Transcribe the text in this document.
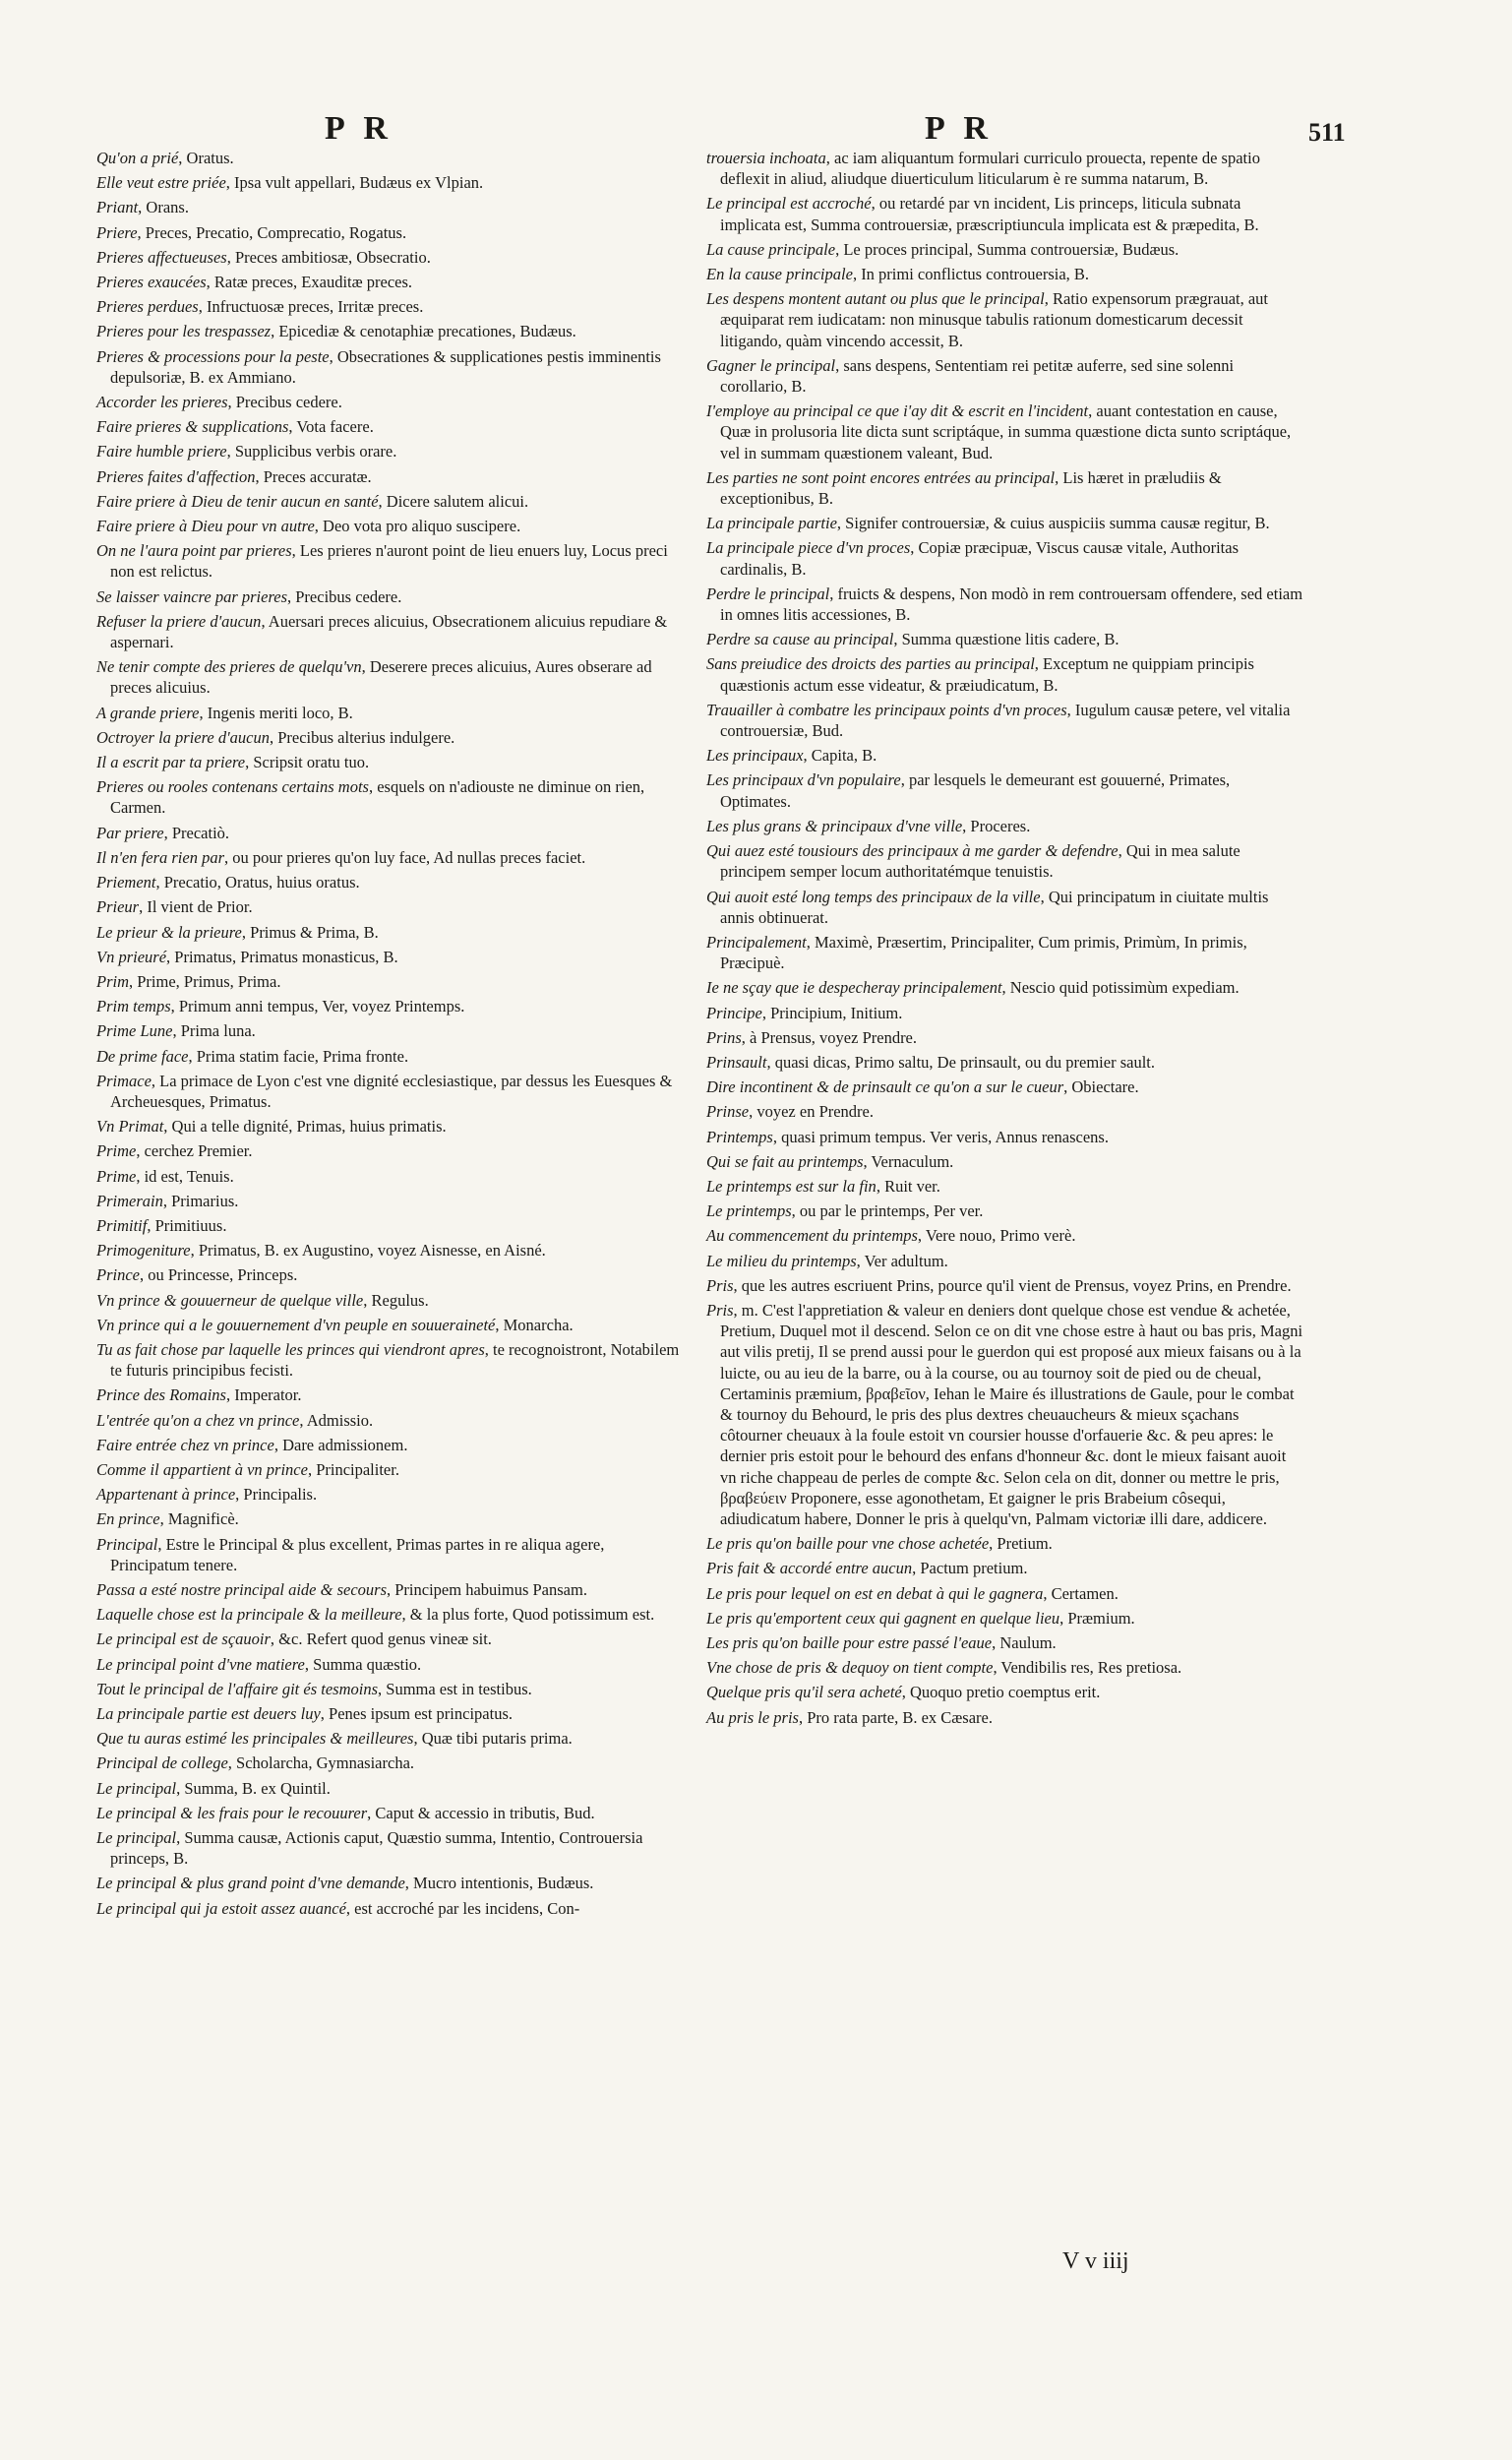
P R	P R	511

Qu'on a prié, Oratus.

Elle veut estre priée, Ipsa vult appellari, Budæus ex Vlpian.

Priant, Orans.

Priere, Preces, Precatio, Comprecatio, Rogatus.

Prieres affectueuses, Preces ambitiosæ, Obsecratio.

Prieres exaucées, Ratæ preces, Exauditæ preces.

Prieres perdues, Infructuosæ preces, Irritæ preces.

Prieres pour les trespassez, Epicediæ & cenotaphiæ precationes, Budæus.

Prieres & processions pour la peste, Obsecrationes & supplicationes pestis imminentis depulsoriæ, B. ex Ammiano.

Accorder les prieres, Precibus cedere.

Faire prieres & supplications, Vota facere.

Faire humble priere, Supplicibus verbis orare.

Prieres faites d'affection, Preces accuratæ.

Faire priere à Dieu de tenir aucun en santé, Dicere salutem alicui.

Faire priere à Dieu pour vn autre, Deo vota pro aliquo suscipere.

On ne l'aura point par prieres, Les prieres n'auront point de lieu enuers luy, Locus preci non est relictus.

Se laisser vaincre par prieres, Precibus cedere.

Refuser la priere d'aucun, Auersari preces alicuius, Obsecrationem alicuius repudiare & aspernari.

Ne tenir compte des prieres de quelqu'vn, Deserere preces alicuius, Aures obserare ad preces alicuius.

A grande priere, Ingenis meriti loco, B.

Octroyer la priere d'aucun, Precibus alterius indulgere.

Il a escrit par ta priere, Scripsit oratu tuo.

Prieres ou rooles contenans certains mots, esquels on n'adiouste ne diminue on rien, Carmen.

Par priere, Precatiò.

Il n'en fera rien par, ou pour prieres qu'on luy face, Ad nullas preces faciet.

Priement, Precatio, Oratus, huius oratus.

Prieur, Il vient de Prior.

Le prieur & la prieure, Primus & Prima, B.

Vn prieuré, Primatus, Primatus monasticus, B.

Prim, Prime, Primus, Prima.

Prim temps, Primum anni tempus, Ver, voyez Printemps.

Prime Lune, Prima luna.

De prime face, Prima statim facie, Prima fronte.

Primace, La primace de Lyon c'est vne dignité ecclesiastique, par dessus les Euesques & Archeuesques, Primatus.

Vn Primat, Qui a telle dignité, Primas, huius primatis.

Prime, cerchez Premier.

Prime, id est, Tenuis.

Primerain, Primarius.

Primitif, Primitiuus.

Primogeniture, Primatus, B. ex Augustino, voyez Aisnesse, en Aisné.

Prince, ou Princesse, Princeps.

Vn prince & gouuerneur de quelque ville, Regulus.

Vn prince qui a le gouuernement d'vn peuple en souueraineté, Monarcha.

Tu as fait chose par laquelle les princes qui viendront apres, te recognoistront, Notabilem te futuris principibus fecisti.

Prince des Romains, Imperator.

L'entrée qu'on a chez vn prince, Admissio.

Faire entrée chez vn prince, Dare admissionem.

Comme il appartient à vn prince, Principaliter.

Appartenant à prince, Principalis.

En prince, Magnificè.

Principal, Estre le Principal & plus excellent, Primas partes in re aliqua agere, Principatum tenere.

Passa a esté nostre principal aide & secours, Principem habuimus Pansam.

Laquelle chose est la principale & la meilleure, & la plus forte, Quod potissimum est.

Le principal est de sçauoir, &c. Refert quod genus vineæ sit.

Le principal point d'vne matiere, Summa quæstio.

Tout le principal de l'affaire git és tesmoins, Summa est in testibus.

La principale partie est deuers luy, Penes ipsum est principatus.

Que tu auras estimé les principales & meilleures, Quæ tibi putaris prima.

Principal de college, Scholarcha, Gymnasiarcha.

Le principal, Summa, B. ex Quintil.

Le principal & les frais pour le recouurer, Caput & accessio in tributis, Bud.

Le principal, Summa causæ, Actionis caput, Quæstio summa, Intentio, Controuersia princeps, B.

Le principal & plus grand point d'vne demande, Mucro intentionis, Budæus.

Le principal qui ja estoit assez auancé, est accroché par les incidens, Con-

trouersia inchoata, ac iam aliquantum formulari curriculo prouecta, repente de spatio deflexit in aliud, aliudque diuerticulum liticularum è re summa natarum, B.

Le principal est accroché, ou retardé par vn incident, Lis princeps, liticula subnata implicata est, Summa controuersiæ, præscriptiuncula implicata est & præpedita, B.

La cause principale, Le proces principal, Summa controuersiæ, Budæus.

En la cause principale, In primi conflictus controuersia, B.

Les despens montent autant ou plus que le principal, Ratio expensorum prægrauat, aut æquiparat rem iudicatam: non minusque tabulis rationum domesticarum decessit litigando, quàm vincendo accessit, B.

Gagner le principal, sans despens, Sententiam rei petitæ auferre, sed sine solenni corollario, B.

I'employe au principal ce que i'ay dit & escrit en l'incident, auant contestation en cause, Quæ in prolusoria lite dicta sunt scriptáque, in summa quæstione dicta sunto scriptáque, vel in summam quæstionem valeant, Bud.

Les parties ne sont point encores entrées au principal, Lis hæret in præludiis & exceptionibus, B.

La principale partie, Signifer controuersiæ, & cuius auspiciis summa causæ regitur, B.

La principale piece d'vn proces, Copiæ præcipuæ, Viscus causæ vitale, Authoritas cardinalis, B.

Perdre le principal, fruicts & despens, Non modò in rem controuersam offendere, sed etiam in omnes litis accessiones, B.

Perdre sa cause au principal, Summa quæstione litis cadere, B.

Sans preiudice des droicts des parties au principal, Exceptum ne quippiam principis quæstionis actum esse videatur, & præiudicatum, B.

Trauailler à combatre les principaux points d'vn proces, Iugulum causæ petere, vel vitalia controuersiæ, Bud.

Les principaux, Capita, B.

Les principaux d'vn populaire, par lesquels le demeurant est gouuerné, Primates, Optimates.

Les plus grans & principaux d'vne ville, Proceres.

Qui auez esté tousiours des principaux à me garder & defendre, Qui in mea salute principem semper locum authoritatémque tenuistis.

Qui auoit esté long temps des principaux de la ville, Qui principatum in ciuitate multis annis obtinuerat.

Principalement, Maximè, Præsertim, Principaliter, Cum primis, Primùm, In primis, Præcipuè.

Ie ne sçay que ie despecheray principalement, Nescio quid potissimùm expediam.

Principe, Principium, Initium.

Prins, à Prensus, voyez Prendre.

Prinsault, quasi dicas, Primo saltu, De prinsault, ou du premier sault.

Dire incontinent & de prinsault ce qu'on a sur le cueur, Obiectare.

Prinse, voyez en Prendre.

Printemps, quasi primum tempus. Ver veris, Annus renascens.

Qui se fait au printemps, Vernaculum.

Le printemps est sur la fin, Ruit ver.

Le printemps, ou par le printemps, Per ver.

Au commencement du printemps, Vere nouo, Primo verè.

Le milieu du printemps, Ver adultum.

Pris, que les autres escriuent Prins, pource qu'il vient de Prensus, voyez Prins, en Prendre.

Pris, m. C'est l'appretiation & valeur en deniers dont quelque chose est vendue & achetée, Pretium, Duquel mot il descend. Selon ce on dit vne chose estre à haut ou bas pris, Magni aut vilis pretij, Il se prend aussi pour le guerdon qui est proposé aux mieux faisans ou à la luicte, ou au ieu de la barre, ou à la course, ou au tournoy soit de pied ou de cheual, Certaminis præmium, βραβεῖον, Iehan le Maire és illustrations de Gaule, pour le combat & tournoy du Behourd, le pris des plus dextres cheuaucheurs & mieux sçachans côtourner cheuaux à la foule estoit vn coursier housse d'orfauerie &c. & peu apres: le dernier pris estoit pour le behourd des enfans d'honneur &c. dont le mieux faisant auoit vn riche chappeau de perles de compte &c. Selon cela on dit, donner ou mettre le pris, βραβεύειν Proponere, esse agonothetam, Et gaigner le pris Brabeium côsequi, adiudicatum habere, Donner le pris à quelqu'vn, Palmam victoriæ illi dare, addicere.

Le pris qu'on baille pour vne chose achetée, Pretium.

Pris fait & accordé entre aucun, Pactum pretium.

Le pris pour lequel on est en debat à qui le gagnera, Certamen.

Le pris qu'emportent ceux qui gagnent en quelque lieu, Præmium.

Les pris qu'on baille pour estre passé l'eaue, Naulum.

Vne chose de pris & dequoy on tient compte, Vendibilis res, Res pretiosa.

Quelque pris qu'il sera acheté, Quoquo pretio coemptus erit.

Au pris le pris, Pro rata parte, B. ex Cæsare.

V v iiij
